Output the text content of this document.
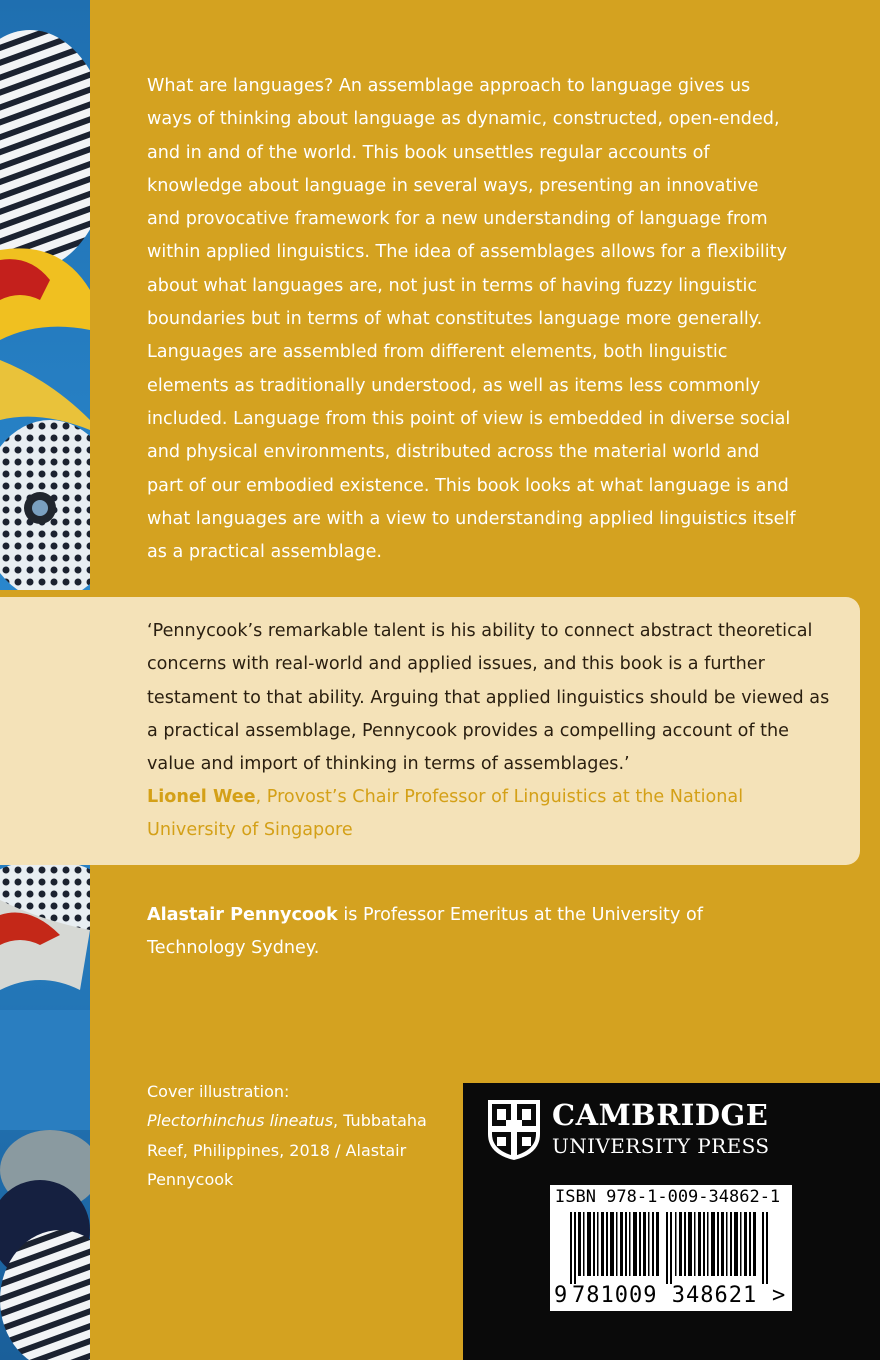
What are languages? An assemblage approach to language gives us ways of thinking about language as dynamic, constructed, open-ended, and in and of the world. This book unsettles regular accounts of knowledge about language in several ways, presenting an innovative and provocative framework for a new understanding of language from within applied linguistics. The idea of assemblages allows for a flexibility about what languages are, not just in terms of having fuzzy linguistic boundaries but in terms of what constitutes language more generally. Languages are assembled from different elements, both linguistic elements as traditionally understood, as well as items less commonly included. Language from this point of view is embedded in diverse social and physical environments, distributed across the material world and part of our embodied existence. This book looks at what language is and what languages are with a view to understanding applied linguistics itself as a practical assemblage.

‘Pennycook’s remarkable talent is his ability to connect abstract theoretical concerns with real-world and applied issues, and this book is a further testament to that ability. Arguing that applied linguistics should be viewed as a practical assemblage, Pennycook provides a compelling account of the value and import of thinking in terms of assemblages.’

Lionel Wee, Provost’s Chair Professor of Linguistics at the National University of Singapore

Alastair Pennycook is Professor Emeritus at the University of Technology Sydney.

Cover illustration:
Plectorhinchus lineatus, Tubbataha Reef, Philippines, 2018 / Alastair Pennycook

CAMBRIDGE
UNIVERSITY PRESS
ISBN 978-1-009-34862-1
9 781009 348621 >
